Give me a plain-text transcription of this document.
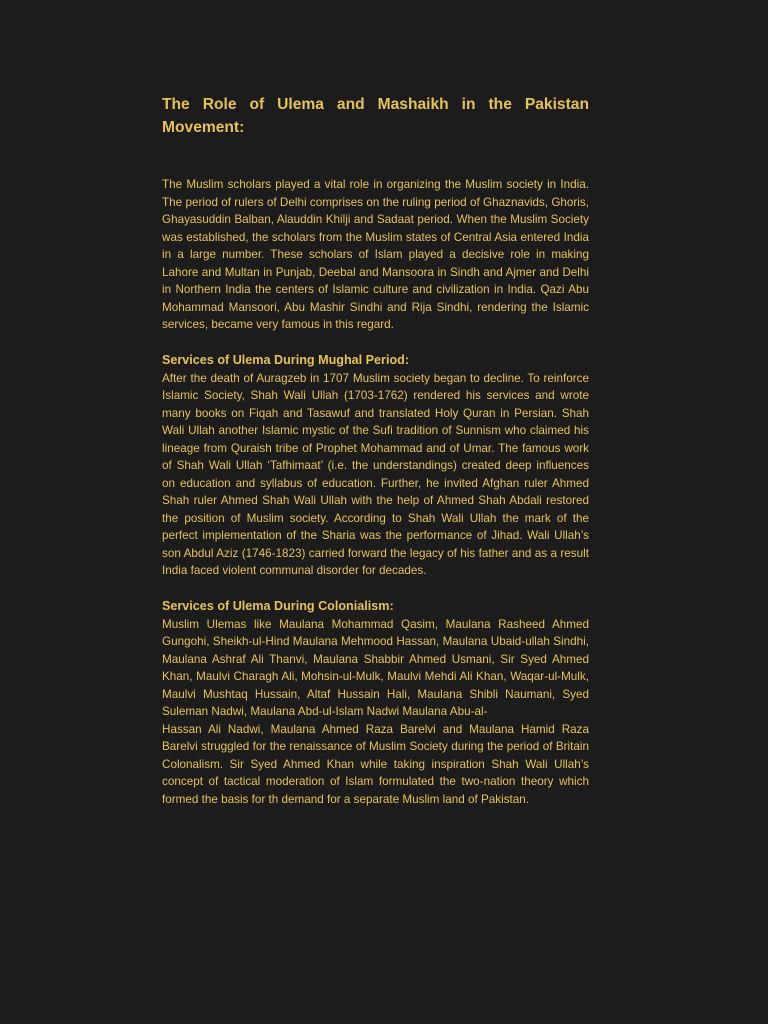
The Role of Ulema and Mashaikh in the Pakistan Movement:

The Muslim scholars played a vital role in organizing the Muslim society in India. The period of rulers of Delhi comprises on the ruling period of Ghaznavids, Ghoris, Ghayasuddin Balban, Alauddin Khilji and Sadaat period. When the Muslim Society was established, the scholars from the Muslim states of Central Asia entered India in a large number. These scholars of Islam played a decisive role in making Lahore and Multan in Punjab, Deebal and Mansoora in Sindh and Ajmer and Delhi in Northern India the centers of Islamic culture and civilization in India. Qazi Abu Mohammad Mansoori, Abu Mashir Sindhi and Rija Sindhi, rendering the Islamic services, became very famous in this regard.

Services of Ulema During Mughal Period:

After the death of Auragzeb in 1707 Muslim society began to decline. To reinforce Islamic Society, Shah Wali Ullah (1703-1762) rendered his services and wrote many books on Fiqah and Tasawuf and translated Holy Quran in Persian. Shah Wali Ullah another Islamic mystic of the Sufi tradition of Sunnism who claimed his lineage from Quraish tribe of Prophet Mohammad and of Umar. The famous work of Shah Wali Ullah ‘Tafhimaat’ (i.e. the understandings) created deep influences on education and syllabus of education. Further, he invited Afghan ruler Ahmed Shah ruler Ahmed Shah Wali Ullah with the help of Ahmed Shah Abdali restored the position of Muslim society. According to Shah Wali Ullah the mark of the perfect implementation of the Sharia was the performance of Jihad. Wali Ullah’s son Abdul Aziz (1746-1823) carried forward the legacy of his father and as a result India faced violent communal disorder for decades.

Services of Ulema During Colonialism:

Muslim Ulemas like Maulana Mohammad Qasim, Maulana Rasheed Ahmed Gungohi, Sheikh-ul-Hind Maulana Mehmood Hassan, Maulana Ubaid-ullah Sindhi, Maulana Ashraf Ali Thanvi, Maulana Shabbir Ahmed Usmani, Sir Syed Ahmed Khan, Maulvi Charagh Ali, Mohsin-ul-Mulk, Maulvi Mehdi Ali Khan, Waqar-ul-Mulk, Maulvi Mushtaq Hussain, Altaf Hussain Hali, Maulana Shibli Naumani, Syed Suleman Nadwi, Maulana Abd-ul-Islam Nadwi Maulana Abu-al-

Hassan Ali Nadwi, Maulana Ahmed Raza Barelvi and Maulana Hamid Raza Barelvi struggled for the renaissance of Muslim Society during the period of Britain Colonalism. Sir Syed Ahmed Khan while taking inspiration Shah Wali Ullah’s concept of tactical moderation of Islam formulated the two-nation theory which formed the basis for th demand for a separate Muslim land of Pakistan.
